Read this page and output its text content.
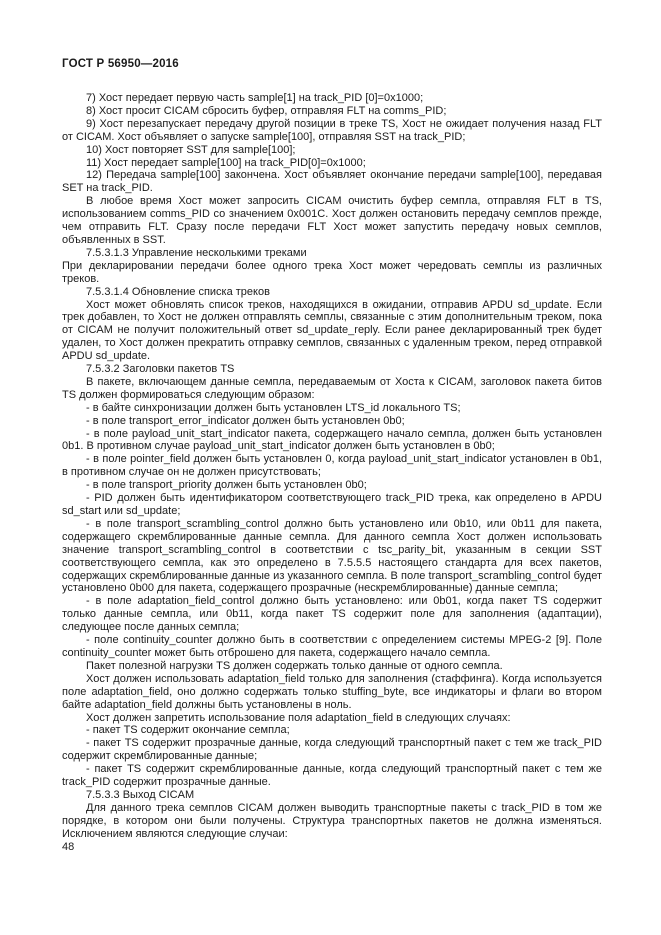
ГОСТ Р 56950—2016

7) Хост передает первую часть sample[1] на track_PID [0]=0x1000;

8) Хост просит CICAM сбросить буфер, отправляя FLT на comms_PID;

9) Хост перезапускает передачу другой позиции в треке TS, Хост не ожидает получения назад FLT от CICAM. Хост объявляет о запуске sample[100], отправляя SST на track_PID;

10) Хост повторяет SST для sample[100];

11) Хост передает sample[100] на track_PID[0]=0x1000;

12) Передача sample[100] закончена. Хост объявляет окончание передачи sample[100], передавая SET на track_PID.

В любое время Хост может запросить CICAM очистить буфер семпла, отправляя FLT в TS, использованием comms_PID со значением 0x001C. Хост должен остановить передачу семплов прежде, чем отправить FLT. Сразу после передачи FLT Хост может запустить передачу новых семплов, объявленных в SST.

7.5.3.1.3 Управление несколькими треками

При декларировании передачи более одного трека Хост может чередовать семплы из различных треков.

7.5.3.1.4 Обновление списка треков

Хост может обновлять список треков, находящихся в ожидании, отправив APDU sd_update. Если трек добавлен, то Хост не должен отправлять семплы, связанные с этим дополнительным треком, пока от CICAM не получит положительный ответ sd_update_reply. Если ранее декларированный трек будет удален, то Хост должен прекратить отправку семплов, связанных с удаленным треком, перед отправкой APDU sd_update.

7.5.3.2 Заголовки пакетов TS

В пакете, включающем данные семпла, передаваемым от Хоста к CICAM, заголовок пакета битов TS должен формироваться следующим образом:

- в байте синхронизации должен быть установлен LTS_id локального TS;

- в поле transport_error_indicator должен быть установлен 0b0;

- в поле payload_unit_start_indicator пакета, содержащего начало семпла, должен быть установлен 0b1. В противном случае payload_unit_start_indicator должен быть установлен в 0b0;

- в поле pointer_field должен быть установлен 0, когда payload_unit_start_indicator установлен в 0b1, в противном случае он не должен присутствовать;

- в поле transport_priority должен быть установлен 0b0;

- PID должен быть идентификатором соответствующего track_PID трека, как определено в APDU sd_start или sd_update;

- в поле transport_scrambling_control должно быть установлено или 0b10, или 0b11 для пакета, содержащего скремблированные данные семпла. Для данного семпла Хост должен использовать значение transport_scrambling_control в соответствии с tsc_parity_bit, указанным в секции SST соответствующего семпла, как это определено в 7.5.5.5 настоящего стандарта для всех пакетов, содержащих скремблированные данные из указанного семпла. В поле transport_scrambling_control будет установлено 0b00 для пакета, содержащего прозрачные (нескремблированные) данные семпла;

- в поле adaptation_field_control должно быть установлено: или 0b01, когда пакет TS содержит только данные семпла, или 0b11, когда пакет TS содержит поле для заполнения (адаптации), следующее после данных семпла;

- поле continuity_counter должно быть в соответствии с определением системы MPEG-2 [9]. Поле continuity_counter может быть отброшено для пакета, содержащего начало семпла.

Пакет полезной нагрузки TS должен содержать только данные от одного семпла.

Хост должен использовать adaptation_field только для заполнения (стаффинга). Когда используется поле adaptation_field, оно должно содержать только stuffing_byte, все индикаторы и флаги во втором байте adaptation_field должны быть установлены в ноль.

Хост должен запретить использование поля adaptation_field в следующих случаях:

- пакет TS содержит окончание семпла;

- пакет TS содержит прозрачные данные, когда следующий транспортный пакет с тем же track_PID содержит скремблированные данные;

- пакет TS содержит скремблированные данные, когда следующий транспортный пакет с тем же track_PID содержит прозрачные данные.

7.5.3.3 Выход CICAM

Для данного трека семплов CICAM должен выводить транспортные пакеты с track_PID в том же порядке, в котором они были получены. Структура транспортных пакетов не должна изменяться. Исключением являются следующие случаи:

48
